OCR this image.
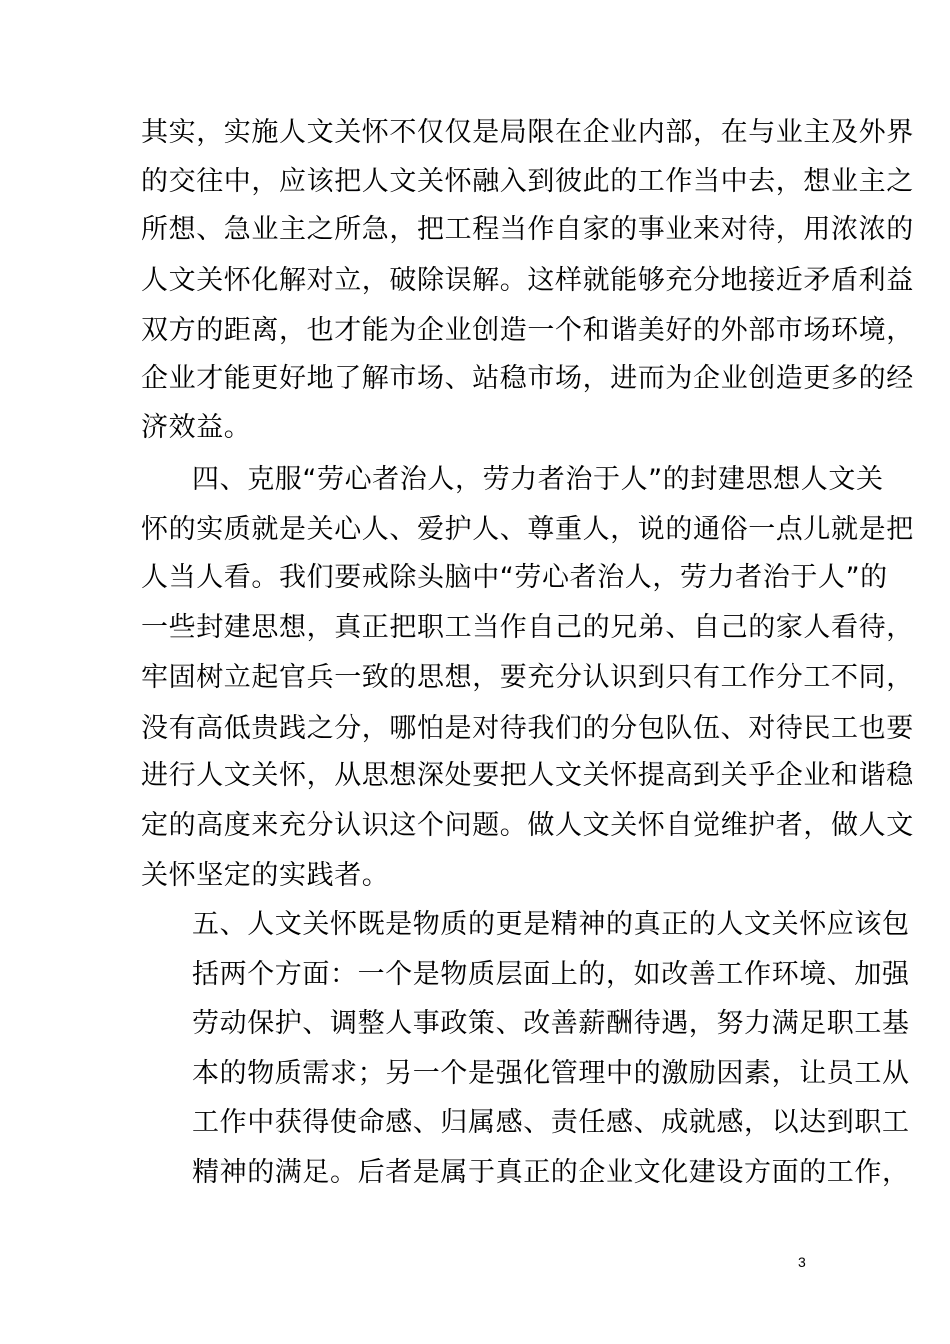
其实，实施人文关怀不仅仅是局限在企业内部，在与业主及外界
的交往中，应该把人文关怀融入到彼此的工作当中去，想业主之
所想、急业主之所急，把工程当作自家的事业来对待，用浓浓的
人文关怀化解对立，破除误解。这样就能够充分地接近矛盾利益
双方的距离，也才能为企业创造一个和谐美好的外部市场环境，
企业才能更好地了解市场、站稳市场，进而为企业创造更多的经
济效益。
四、克服“劳心者治人，劳力者治于人”的封建思想人文关
怀的实质就是关心人、爱护人、尊重人，说的通俗一点儿就是把
人当人看。我们要戒除头脑中“劳心者治人，劳力者治于人”的
一些封建思想，真正把职工当作自己的兄弟、自己的家人看待，
牢固树立起官兵一致的思想，要充分认识到只有工作分工不同，
没有高低贵践之分，哪怕是对待我们的分包队伍、对待民工也要
进行人文关怀，从思想深处要把人文关怀提高到关乎企业和谐稳
定的高度来充分认识这个问题。做人文关怀自觉维护者，做人文
关怀坚定的实践者。
五、人文关怀既是物质的更是精神的真正的人文关怀应该包
括两个方面：一个是物质层面上的，如改善工作环境、加强
劳动保护、调整人事政策、改善薪酬待遇，努力满足职工基
本的物质需求；另一个是强化管理中的激励因素，让员工从
工作中获得使命感、归属感、责任感、成就感，以达到职工
精神的满足。后者是属于真正的企业文化建设方面的工作，
3
